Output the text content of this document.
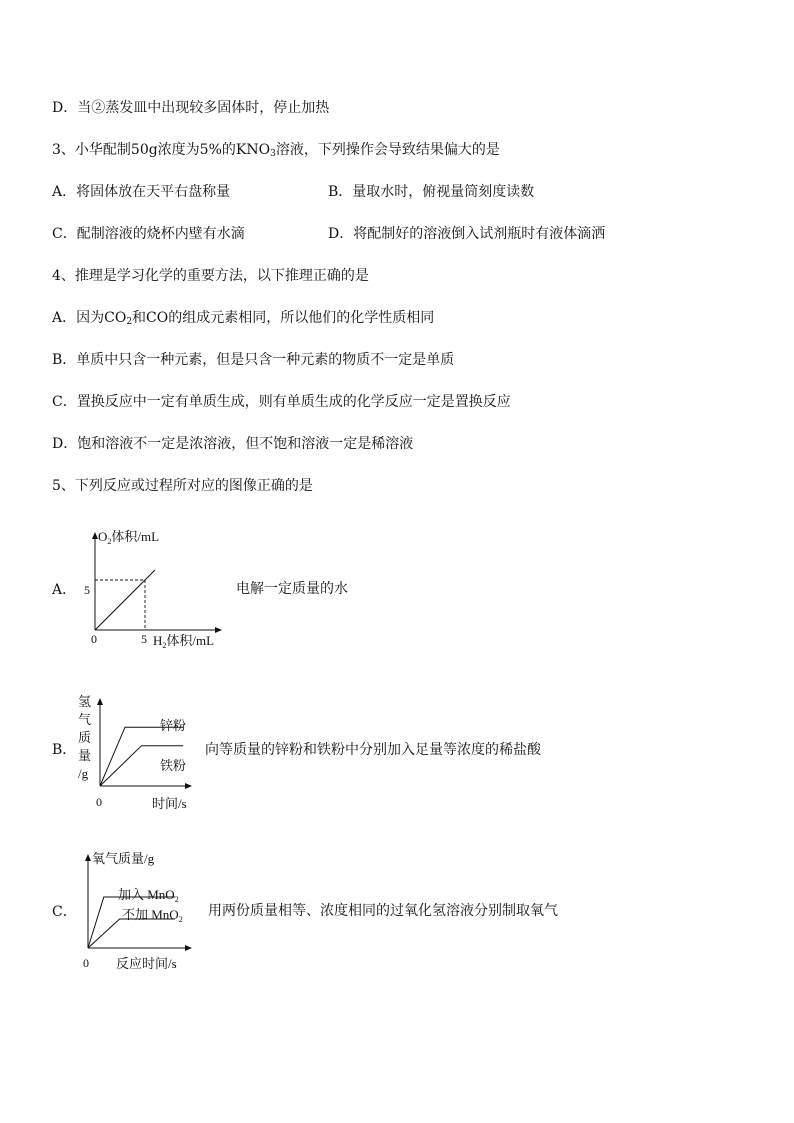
D．当②蒸发皿中出现较多固体时，停止加热
3、小华配制50g浓度为5%的$KNO_3$溶液，下列操作会导致结果偏大的是
A．将固体放在天平右盘称量	B．量取水时，俯视量筒刻度读数
C．配制溶液的烧杯内壁有水滴	D．将配制好的溶液倒入试剂瓶时有液体滴洒
4、推理是学习化学的重要方法，以下推理正确的是
A．因为$CO_2$和CO的组成元素相同，所以他们的化学性质相同
B．单质中只含一种元素，但是只含一种元素的物质不一定是单质
C．置换反应中一定有单质生成，则有单质生成的化学反应一定是置换反应
D．饱和溶液不一定是浓溶液，但不饱和溶液一定是稀溶液
5、下列反应或过程所对应的图像正确的是
A．
$O_2$体积/mL
5
0	5 $H_2$体积/mL
电解一定质量的水
B．
氢
气
质
量
/g
锌粉
铁粉
0	时间/s
向等质量的锌粉和铁粉中分别加入足量等浓度的稀盐酸
C．
氧气质量/g
加入 MnO$_2$
不加 MnO$_2$
0 反应时间/s
用两份质量相等、浓度相同的过氧化氢溶液分别制取氧气
